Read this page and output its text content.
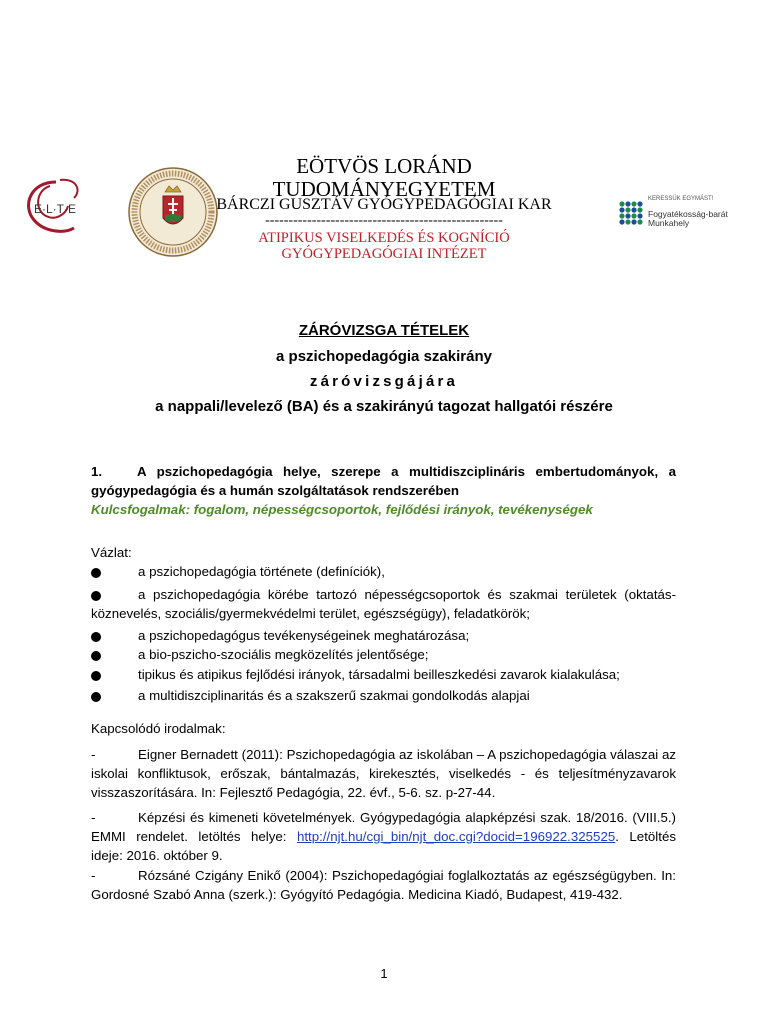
E·L·T·E
KERESSÜK EGYMÁST!
Fogyatékosság-barát
Munkahely
EÖTVÖS LORÁND
TUDOMÁNYEGYETEM
BÁRCZI GUSZTÁV GYÓGYPEDAGÓGIAI KAR
---------------------------------------------------
ATIPIKUS VISELKEDÉS ÉS KOGNÍCIÓ
GYÓGYPEDAGÓGIAI INTÉZET
ZÁRÓVIZSGA TÉTELEK
a pszichopedagógia szakirány
záróvizsgájára
a nappali/levelező (BA) és a szakirányú tagozat hallgatói részére
1.	A pszichopedagógia helye, szerepe a multidiszciplináris embertudományok, a gyógypedagógia és a humán szolgáltatások rendszerében
Kulcsfogalmak: fogalom, népességcsoportok, fejlődési irányok, tevékenységek
Vázlat:
a pszichopedagógia története (definíciók),
a pszichopedagógia körébe tartozó népességcsoportok és szakmai területek (oktatás-köznevelés, szociális/gyermekvédelmi terület, egészségügy), feladatkörök;
a pszichopedagógus tevékenységeinek meghatározása;
a bio-pszicho-szociális megközelítés jelentősége;
tipikus és atipikus fejlődési irányok, társadalmi beilleszkedési zavarok kialakulása;
a multidiszciplinaritás és a szakszerű szakmai gondolkodás alapjai
Kapcsolódó irodalmak:
-	Eigner Bernadett (2011): Pszichopedagógia az iskolában – A pszichopedagógia válaszai az iskolai konfliktusok, erőszak, bántalmazás, kirekesztés, viselkedés - és teljesítményzavarok visszaszorítására. In: Fejlesztő Pedagógia, 22. évf., 5-6. sz. p-27-44.
-	Képzési és kimeneti követelmények. Gyógypedagógia alapképzési szak. 18/2016. (VIII.5.) EMMI rendelet. letöltés helye: http://njt.hu/cgi_bin/njt_doc.cgi?docid=196922.325525. Letöltés ideje: 2016. október 9.
-	Rózsáné Czigány Enikő (2004): Pszichopedagógiai foglalkoztatás az egészségügyben. In: Gordosné Szabó Anna (szerk.): Gyógyító Pedagógia. Medicina Kiadó, Budapest, 419-432.
1
